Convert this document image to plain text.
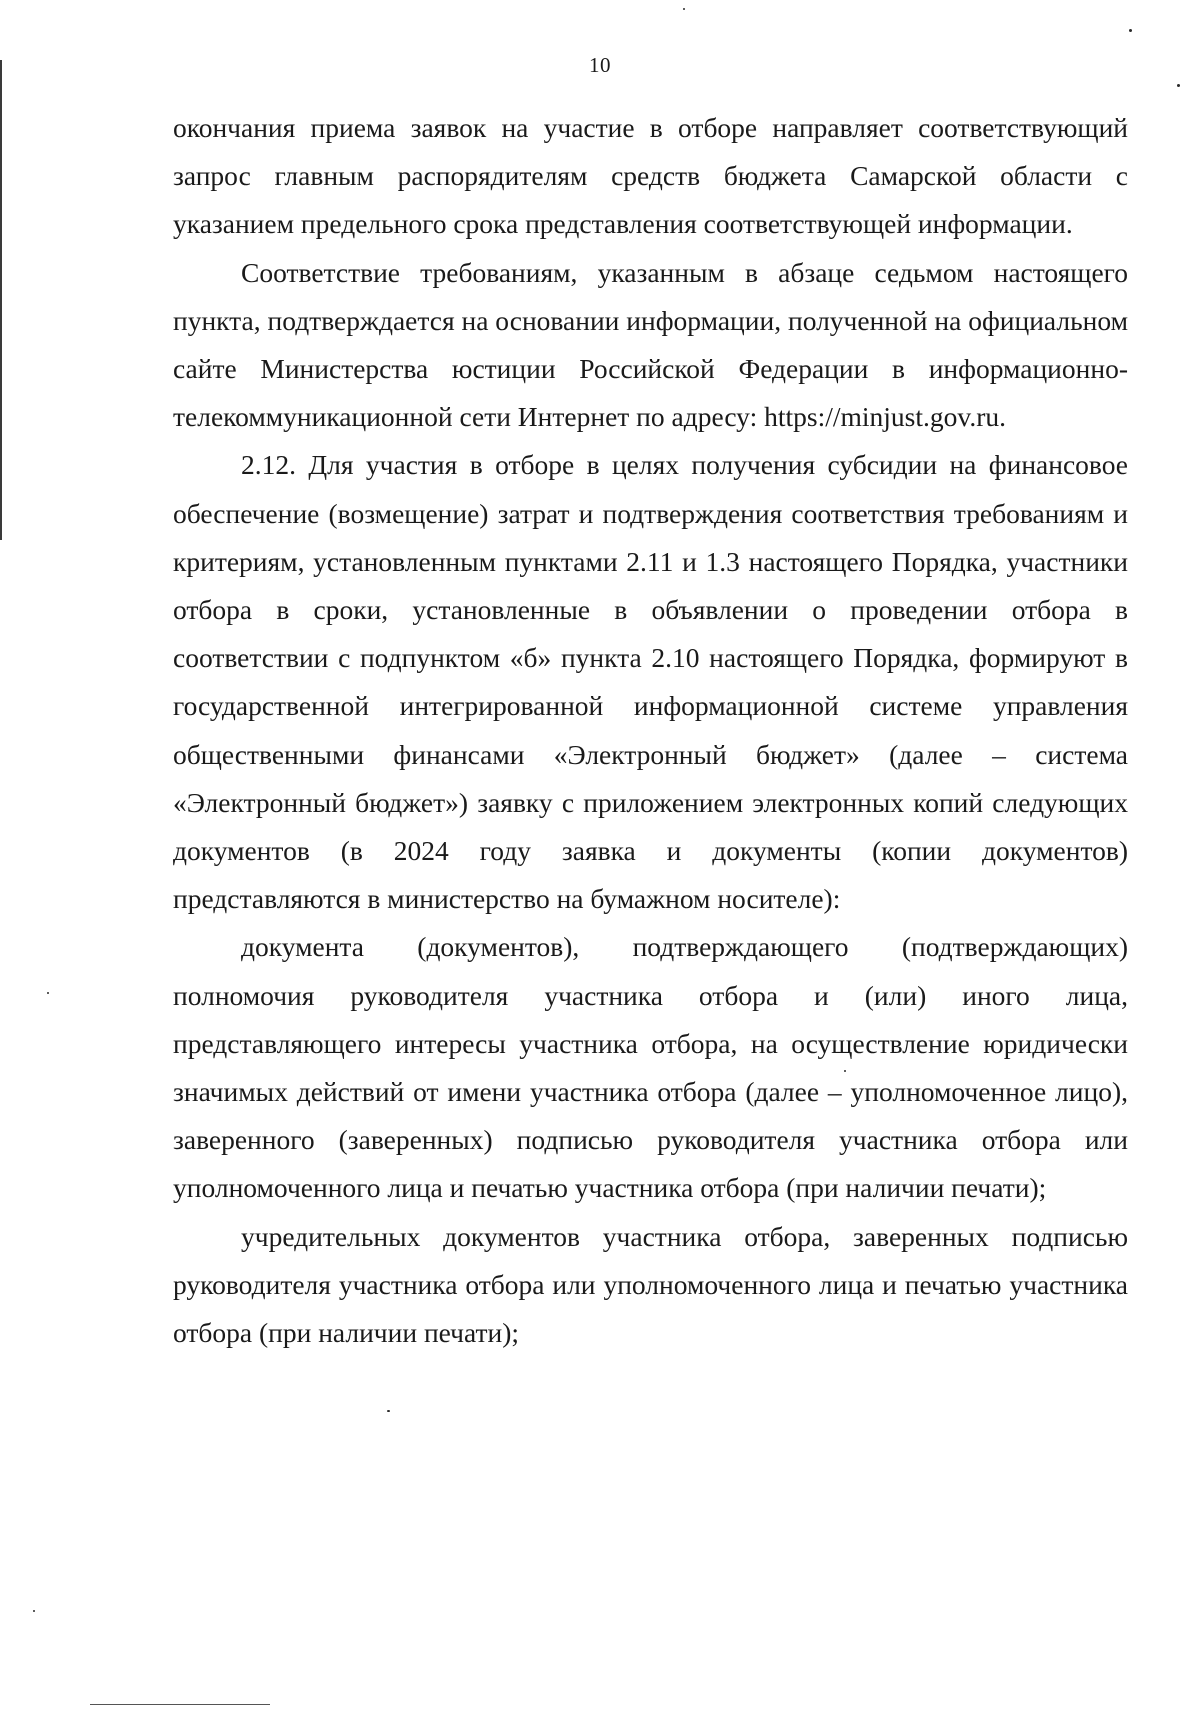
10

окончания приема заявок на участие в отборе направляет соответствующий запрос главным распорядителям средств бюджета Самарской области с указанием предельного срока представления соответствующей информации.

Соответствие требованиям, указанным в абзаце седьмом настоящего пункта, подтверждается на основании информации, полученной на официальном сайте Министерства юстиции Российской Федерации в информационно-телекоммуникационной сети Интернет по адресу: https://minjust.gov.ru.

2.12. Для участия в отборе в целях получения субсидии на финансовое обеспечение (возмещение) затрат и подтверждения соответствия требованиям и критериям, установленным пунктами 2.11 и 1.3 настоящего Порядка, участники отбора в сроки, установленные в объявлении о проведении отбора в соответствии с подпунктом «б» пункта 2.10 настоящего Порядка, формируют в государственной интегрированной информационной системе управления общественными финансами «Электронный бюджет» (далее – система «Электронный бюджет») заявку с приложением электронных копий следующих документов (в 2024 году заявка и документы (копии документов) представляются в министерство на бумажном носителе):

документа (документов), подтверждающего (подтверждающих) полномочия руководителя участника отбора и (или) иного лица, представляющего интересы участника отбора, на осуществление юридически значимых действий от имени участника отбора (далее – уполномоченное лицо), заверенного (заверенных) подписью руководителя участника отбора или уполномоченного лица и печатью участника отбора (при наличии печати);

учредительных документов участника отбора, заверенных подписью руководителя участника отбора или уполномоченного лица и печатью участника отбора (при наличии печати);
